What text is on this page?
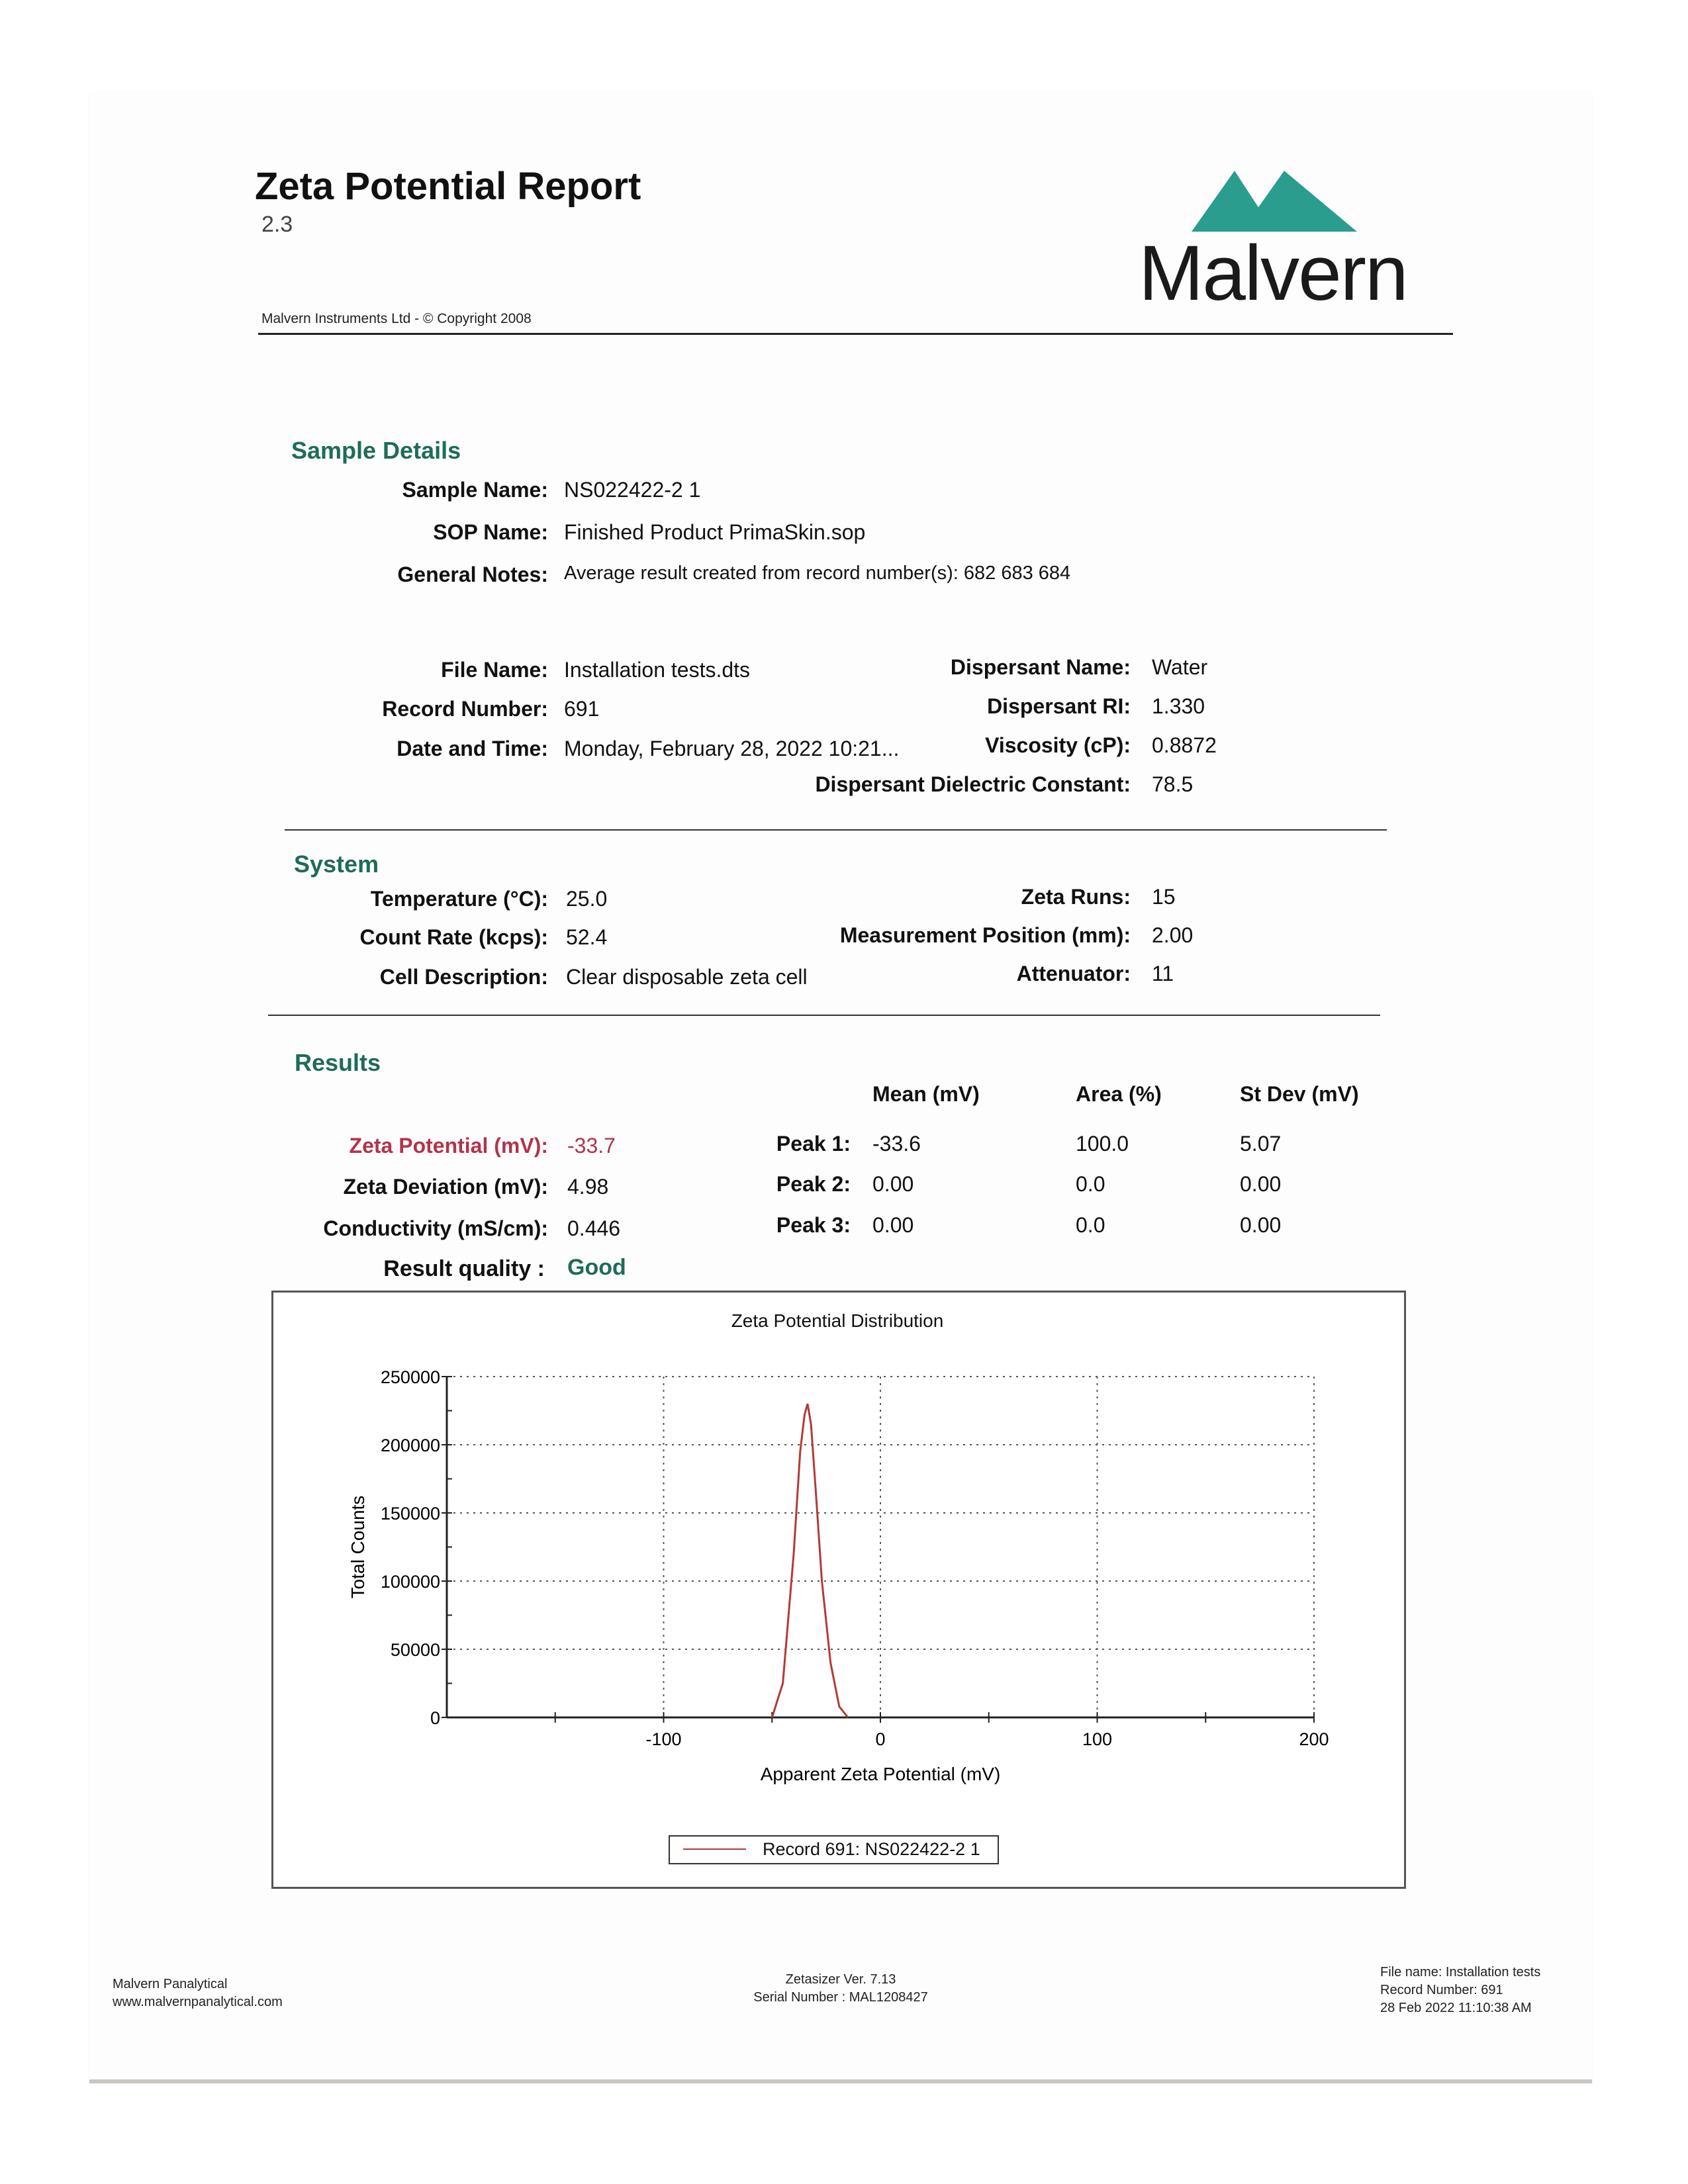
Zeta Potential Report
2.3
Malvern Instruments Ltd - © Copyright 2008
Malvern
Sample Details
Sample Name: NS022422-2 1
SOP Name: Finished Product PrimaSkin.sop
General Notes: Average result created from record number(s): 682 683 684
File Name: Installation tests.dts
Record Number: 691
Date and Time: Monday, February 28, 2022 10:21...
Dispersant Name: Water
Dispersant RI: 1.330
Viscosity (cP): 0.8872
Dispersant Dielectric Constant: 78.5
System
Temperature (°C): 25.0
Count Rate (kcps): 52.4
Cell Description: Clear disposable zeta cell
Zeta Runs: 15
Measurement Position (mm): 2.00
Attenuator: 11
Results
Mean (mV)	Area (%)	St Dev (mV)
Zeta Potential (mV): -33.7
Zeta Deviation (mV): 4.98
Conductivity (mS/cm): 0.446
Result quality : Good
Peak 1: -33.6	100.0	5.07
Peak 2: 0.00	0.0	0.00
Peak 3: 0.00	0.0	0.00
Zeta Potential Distribution
0
50000
100000
150000
200000
250000
-100	0	100	200
Apparent Zeta Potential (mV)
Total Counts
Record 691: NS022422-2 1
Malvern Panalytical
www.malvernpanalytical.com
Zetasizer Ver. 7.13
Serial Number : MAL1208427
File name: Installation tests
Record Number: 691
28 Feb 2022 11:10:38 AM
